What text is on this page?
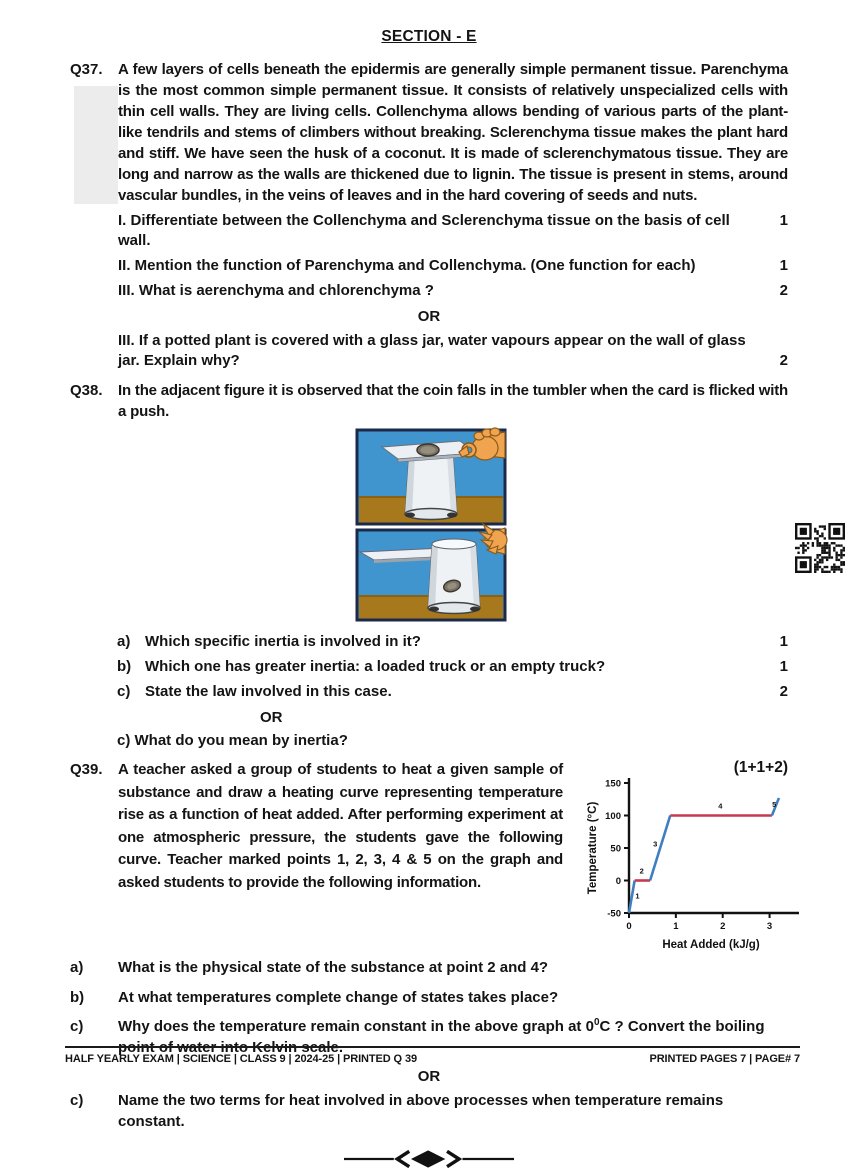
SECTION - E
Q37.	A few layers of cells beneath the epidermis are generally simple permanent tissue. Parenchyma is the most common simple permanent tissue. It consists of relatively unspecialized cells with thin cell walls. They are living cells. Collenchyma allows bending of various parts of the plant-like tendrils and stems of climbers without breaking. Sclerenchyma tissue makes the plant hard and stiff. We have seen the husk of a coconut. It is made of sclerenchymatous tissue. They are long and narrow as the walls are thickened due to lignin. The tissue is present in stems, around vascular bundles, in the veins of leaves and in the hard covering of seeds and nuts.
I. Differentiate between the Collenchyma and Sclerenchyma tissue on the basis of cell wall.
1
II. Mention the function of Parenchyma and Collenchyma. (One function for each)	1
III. What is aerenchyma and chlorenchyma ?	2
OR
III. If a potted plant is covered with a glass jar, water vapours appear on the wall of glass jar. Explain why?	2
Q38.	In the adjacent figure it is observed that the coin falls in the tumbler when the card is flicked with a push.
a) Which specific inertia is involved in it?	1
b) Which one has greater inertia: a loaded truck or an empty truck?	1
c) State the law involved in this case.	2
OR
c) What do you mean by inertia?
Q39.	A teacher asked a group of students to heat a given sample of substance and draw a heating curve representing temperature rise as a function of heat added. After performing experiment at one atmospheric pressure, the students gave the following curve. Teacher marked points 1, 2, 3, 4 & 5 on the graph and asked students to provide the following information.
(1+1+2)
-50
0
50
100
150
0	1	2	3
1
2
3
4	5
Heat Added (kJ/g)
Temperature (°C)
a)	What is the physical state of the substance at point 2 and 4?
b)	At what temperatures complete change of states takes place?
c)	Why does the temperature remain constant in the above graph at $0^0C$ ? Convert the boiling point of water into Kelvin scale.
OR
c)	Name the two terms for heat involved in above processes when temperature remains constant.
HALF YEARLY EXAM | SCIENCE | CLASS 9 | 2024-25 | PRINTED Q 39	PRINTED PAGES 7 | PAGE# 7
